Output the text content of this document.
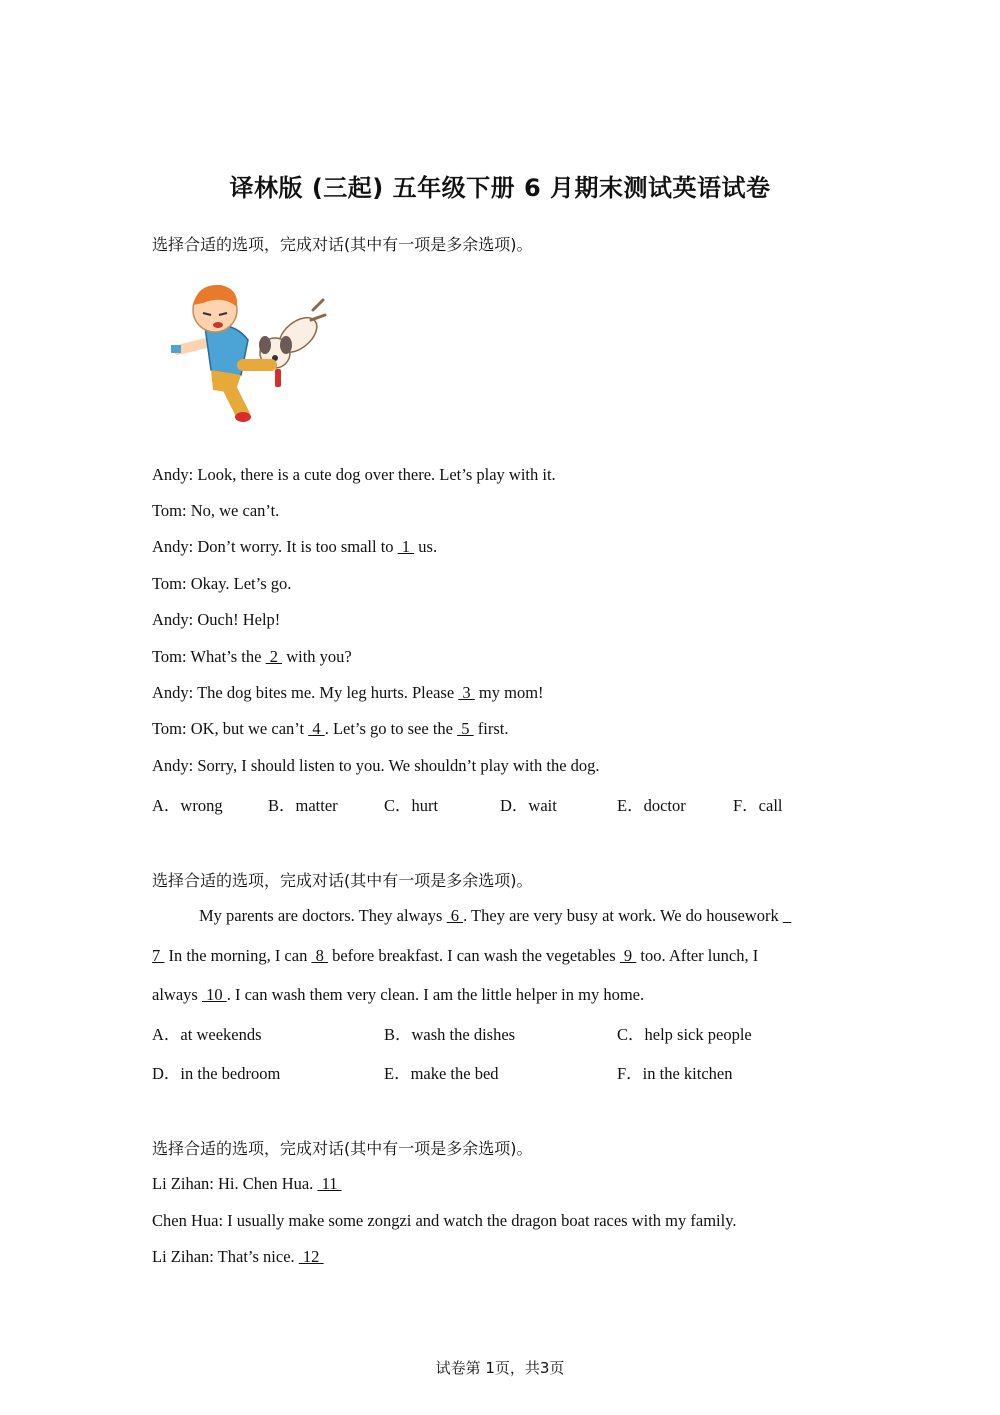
译林版 (三起) 五年级下册 6 月期末测试英语试卷
选择合适的选项，完成对话(其中有一项是多余选项)。
Andy: Look, there is a cute dog over there. Let’s play with it.
Tom: No, we can’t.
Andy: Don’t worry. It is too small to  1  us.
Tom: Okay. Let’s go.
Andy: Ouch! Help!
Tom: What’s the  2  with you?
Andy: The dog bites me. My leg hurts. Please  3  my mom!
Tom: OK, but we can’t  4 . Let’s go to see the  5  first.
Andy: Sorry, I should listen to you. We shouldn’t play with the dog.
A．wrong	B．matter	C．hurt	D．wait	E．doctor	F．call
选择合适的选项，完成对话(其中有一项是多余选项)。
My parents are doctors. They always  6 . They are very busy at work. We do housework _
7  In the morning, I can  8  before breakfast. I can wash the vegetables  9  too. After lunch, I
always  10 . I can wash them very clean. I am the little helper in my home.
A．at weekends	B．wash the dishes	C．help sick people
D．in the bedroom	E．make the bed	F．in the kitchen
选择合适的选项，完成对话(其中有一项是多余选项)。
Li Zihan: Hi. Chen Hua.  11
Chen Hua: I usually make some zongzi and watch the dragon boat races with my family.
Li Zihan: That’s nice.  12
试卷第 1页，共3页
